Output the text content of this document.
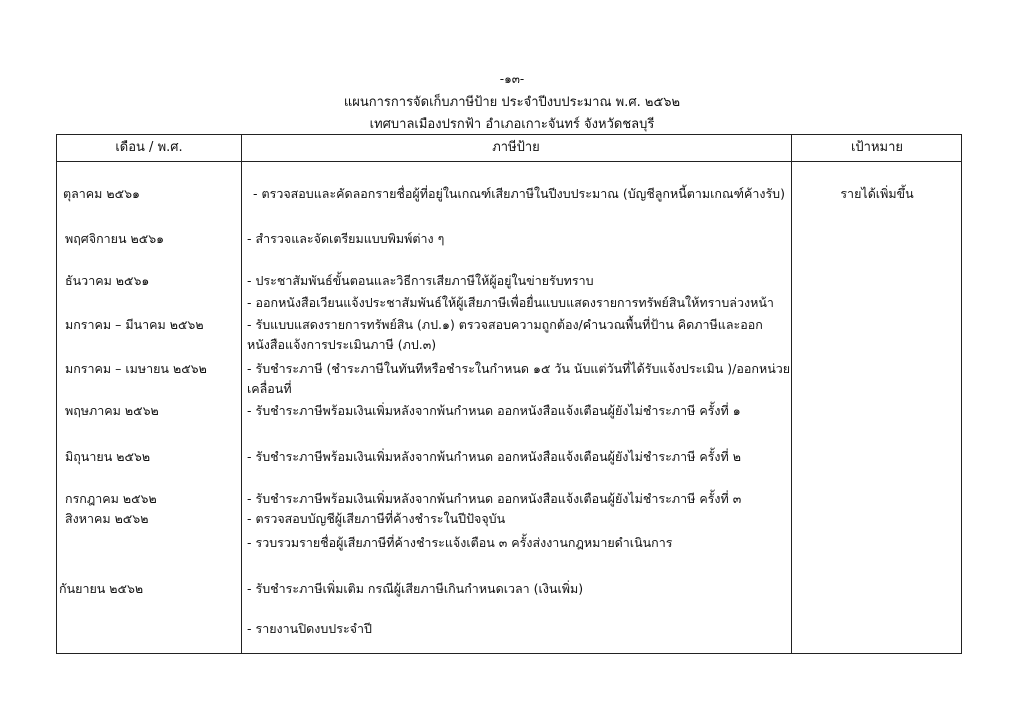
-๑๓-
แผนการการจัดเก็บภาษีป้าย ประจำปีงบประมาณ พ.ศ. ๒๕๖๒
เทศบาลเมืองปรกฟ้า อำเภอเกาะจันทร์ จังหวัดชลบุรี
เดือน / พ.ศ.	ภาษีป้าย	เป้าหมาย
ตุลาคม ๒๕๖๑
พฤศจิกายน ๒๕๖๑
ธันวาคม ๒๕๖๑
มกราคม – มีนาคม ๒๕๖๒
มกราคม – เมษายน ๒๕๖๒
พฤษภาคม ๒๕๖๒
มิถุนายน ๒๕๖๒
กรกฎาคม ๒๕๖๒
สิงหาคม ๒๕๖๒
กันยายน ๒๕๖๒
- ตรวจสอบและคัดลอกรายชื่อผู้ที่อยู่ในเกณฑ์เสียภาษีในปีงบประมาณ (บัญชีลูกหนี้ตามเกณฑ์ค้างรับ)
- สำรวจและจัดเตรียมแบบพิมพ์ต่าง ๆ
- ประชาสัมพันธ์ขั้นตอนและวิธีการเสียภาษีให้ผู้อยู่ในข่ายรับทราบ
- ออกหนังสือเวียนแจ้งประชาสัมพันธ์ให้ผู้เสียภาษีเพื่อยื่นแบบแสดงรายการทรัพย์สินให้ทราบล่วงหน้า
- รับแบบแสดงรายการทรัพย์สิน (ภป.๑) ตรวจสอบความถูกต้อง/คำนวณพื้นที่ป้าน คิดภาษีและออก
หนังสือแจ้งการประเมินภาษี (ภป.๓)
- รับชำระภาษี (ชำระภาษีในทันทีหรือชำระในกำหนด ๑๕ วัน นับแต่วันที่ได้รับแจ้งประเมิน )/ออกหน่วย
เคลื่อนที่
- รับชำระภาษีพร้อมเงินเพิ่มหลังจากพ้นกำหนด ออกหนังสือแจ้งเตือนผู้ยังไม่ชำระภาษี ครั้งที่ ๑
- รับชำระภาษีพร้อมเงินเพิ่มหลังจากพ้นกำหนด ออกหนังสือแจ้งเตือนผู้ยังไม่ชำระภาษี ครั้งที่ ๒
- รับชำระภาษีพร้อมเงินเพิ่มหลังจากพ้นกำหนด ออกหนังสือแจ้งเตือนผู้ยังไม่ชำระภาษี ครั้งที่ ๓
- ตรวจสอบบัญชีผู้เสียภาษีที่ค้างชำระในปีปัจจุบัน
- รวบรวมรายชื่อผู้เสียภาษีที่ค้างชำระแจ้งเตือน ๓ ครั้งส่งงานกฎหมายดำเนินการ
- รับชำระภาษีเพิ่มเติม กรณีผู้เสียภาษีเกินกำหนดเวลา (เงินเพิ่ม)
- รายงานปิดงบประจำปี
รายได้เพิ่มขึ้น
